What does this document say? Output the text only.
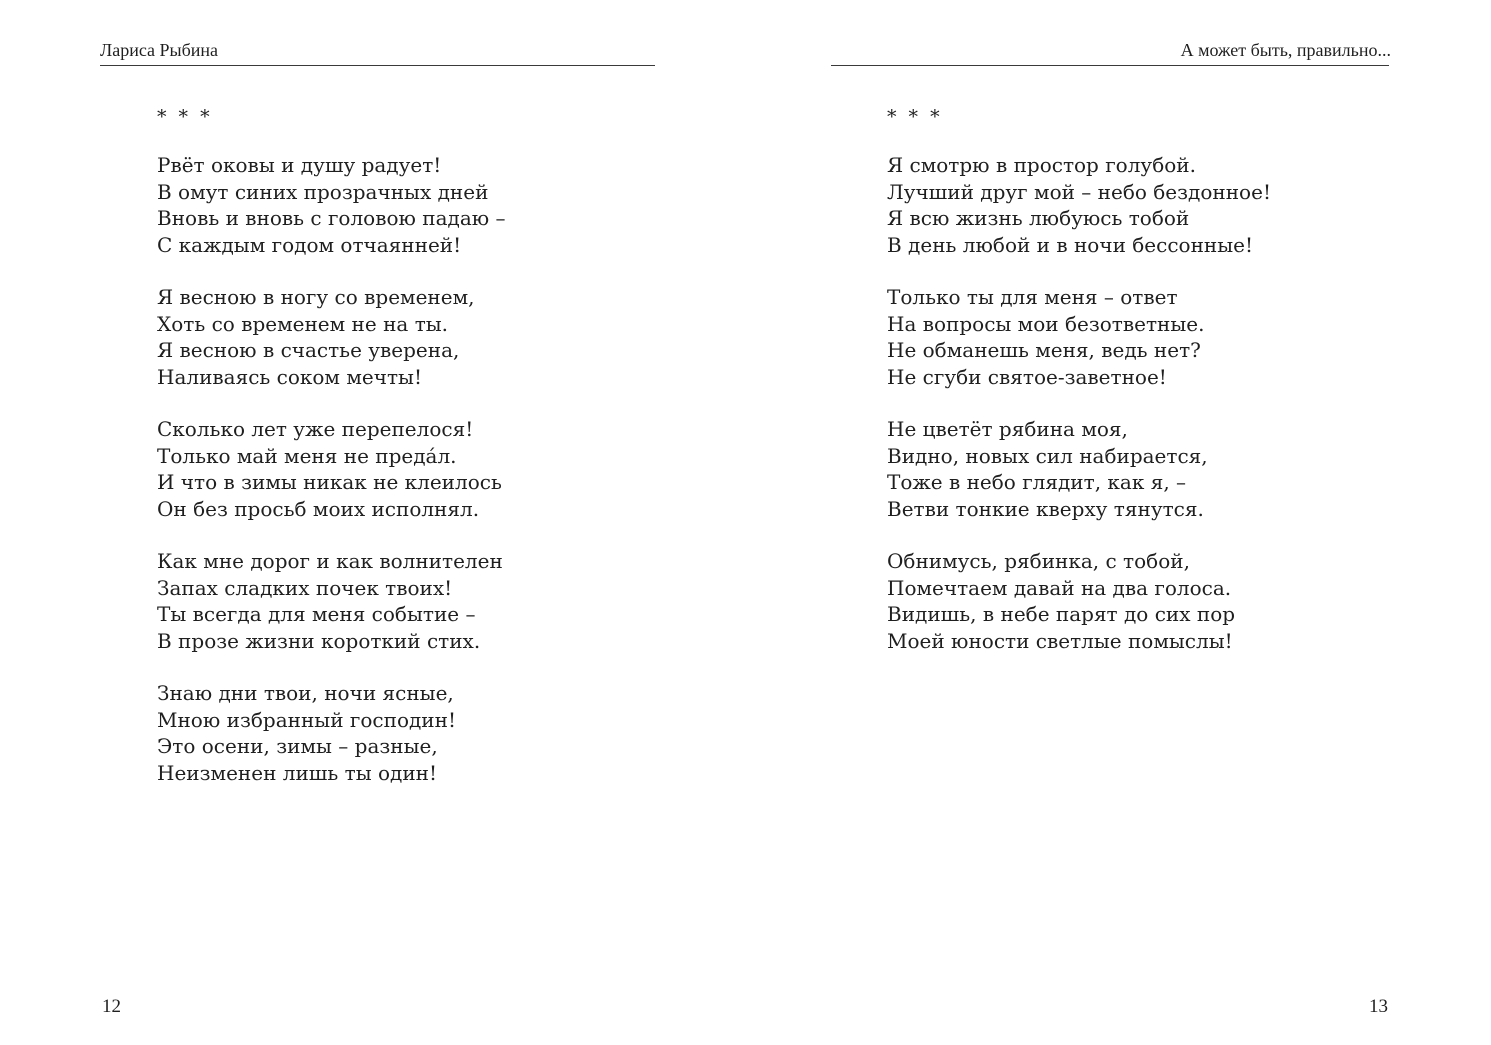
Лариса Рыбина
* * *
Рвёт оковы и душу радует!
В омут синих прозрачных дней
Вновь и вновь с головою падаю –
С каждым годом отчаянней!
Я весною в ногу со временем,
Хоть со временем не на ты.
Я весною в счастье уверена,
Наливаясь соком мечты!
Сколько лет уже перепелося!
Только май меня не преда́л.
И что в зимы никак не клеилось
Он без просьб моих исполнял.
Как мне дорог и как волнителен
Запах сладких почек твоих!
Ты всегда для меня событие –
В прозе жизни короткий стих.
Знаю дни твои, ночи ясные,
Мною избранный господин!
Это осени, зимы – разные,
Неизменен лишь ты один!
12
А может быть, правильно...
* * *
Я смотрю в простор голубой.
Лучший друг мой – небо бездонное!
Я всю жизнь любуюсь тобой
В день любой и в ночи бессонные!
Только ты для меня – ответ
На вопросы мои безответные.
Не обманешь меня, ведь нет?
Не сгуби святое-заветное!
Не цветёт рябина моя,
Видно, новых сил набирается,
Тоже в небо глядит, как я, –
Ветви тонкие кверху тянутся.
Обнимусь, рябинка, с тобой,
Помечтаем давай на два голоса.
Видишь, в небе парят до сих пор
Моей юности светлые помыслы!
13
